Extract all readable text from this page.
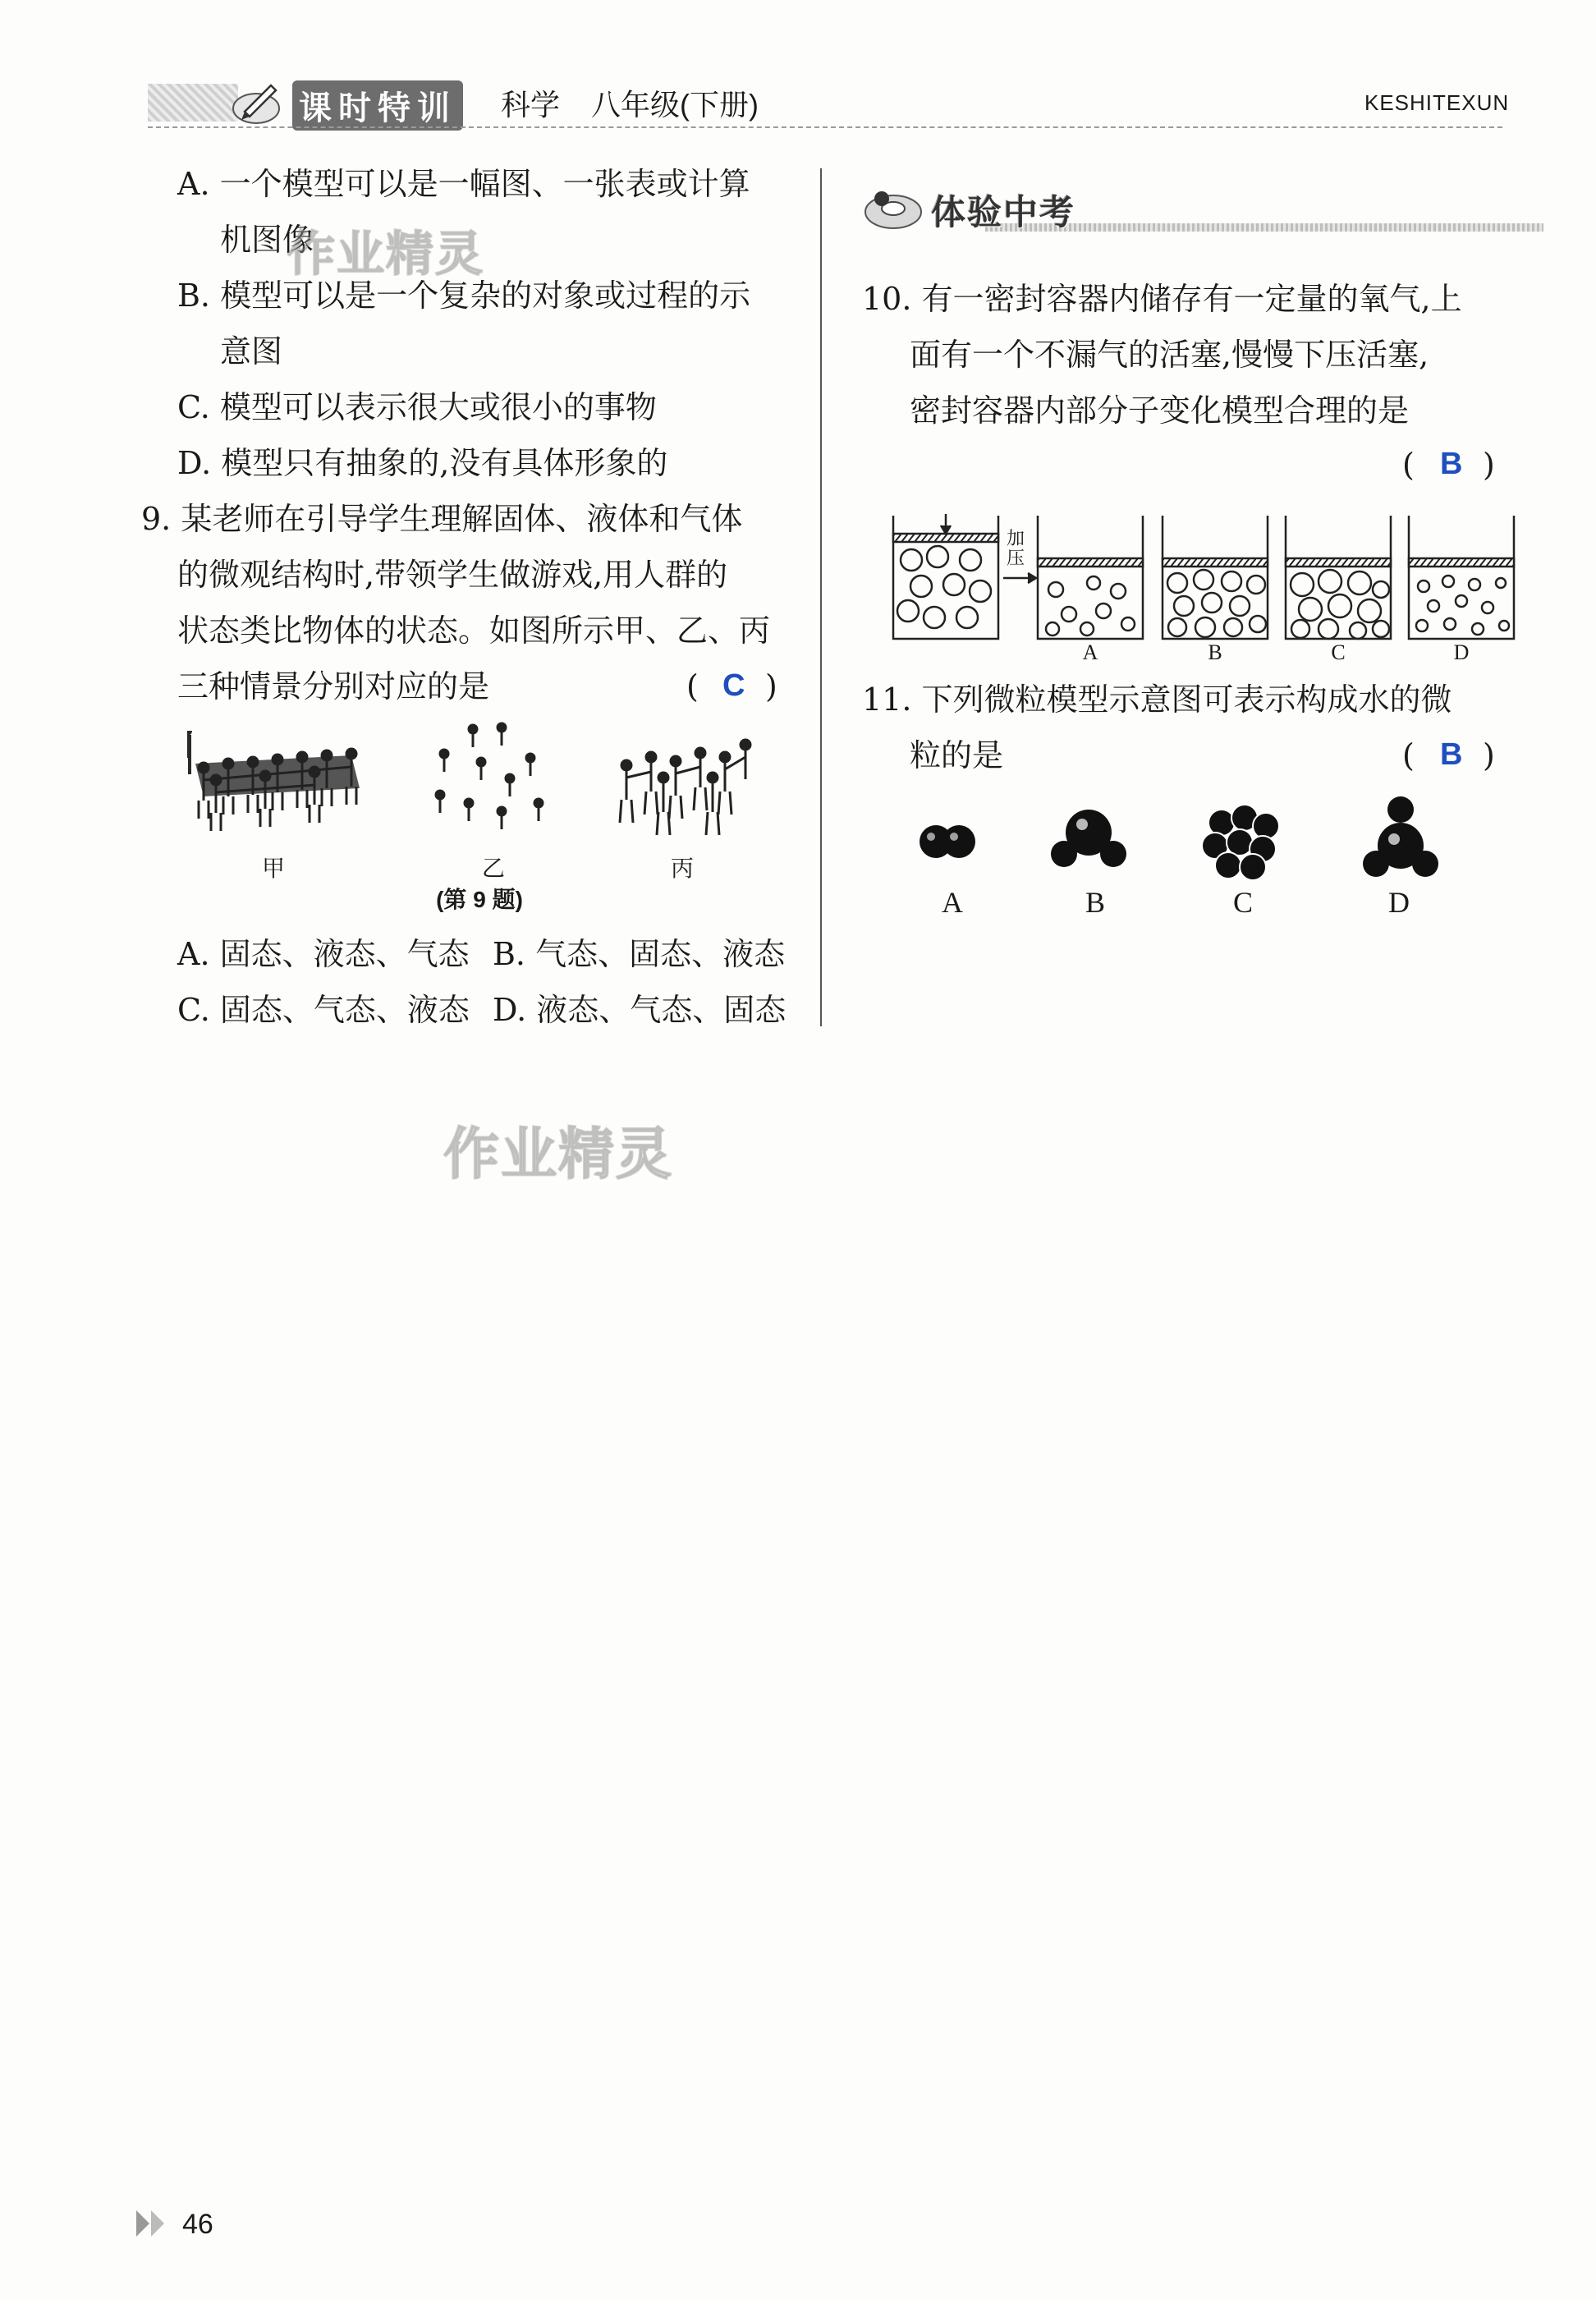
课时特训 科学 八年级(下册)	KESHITEXUN
A. 一个模型可以是一幅图、一张表或计算
机图像
B. 模型可以是一个复杂的对象或过程的示
意图
C. 模型可以表示很大或很小的事物
D. 模型只有抽象的,没有具体形象的
9. 某老师在引导学生理解固体、液体和气体
的微观结构时,带领学生做游戏,用人群的
状态类比物体的状态。如图所示甲、乙、丙
三种情景分别对应的是	( C )
甲	乙	丙
(第 9 题)
A. 固态、液态、气态 B. 气态、固态、液态
C. 固态、气态、液态 D. 液态、气态、固态
体验中考
10. 有一密封容器内储存有一定量的氧气,上
面有一个不漏气的活塞,慢慢下压活塞,
密封容器内部分子变化模型合理的是
( B )
加压
A	B	C	D
11. 下列微粒模型示意图可表示构成水的微
粒的是	( B )
A	B	C	D
作业精灵
作业精灵
46
